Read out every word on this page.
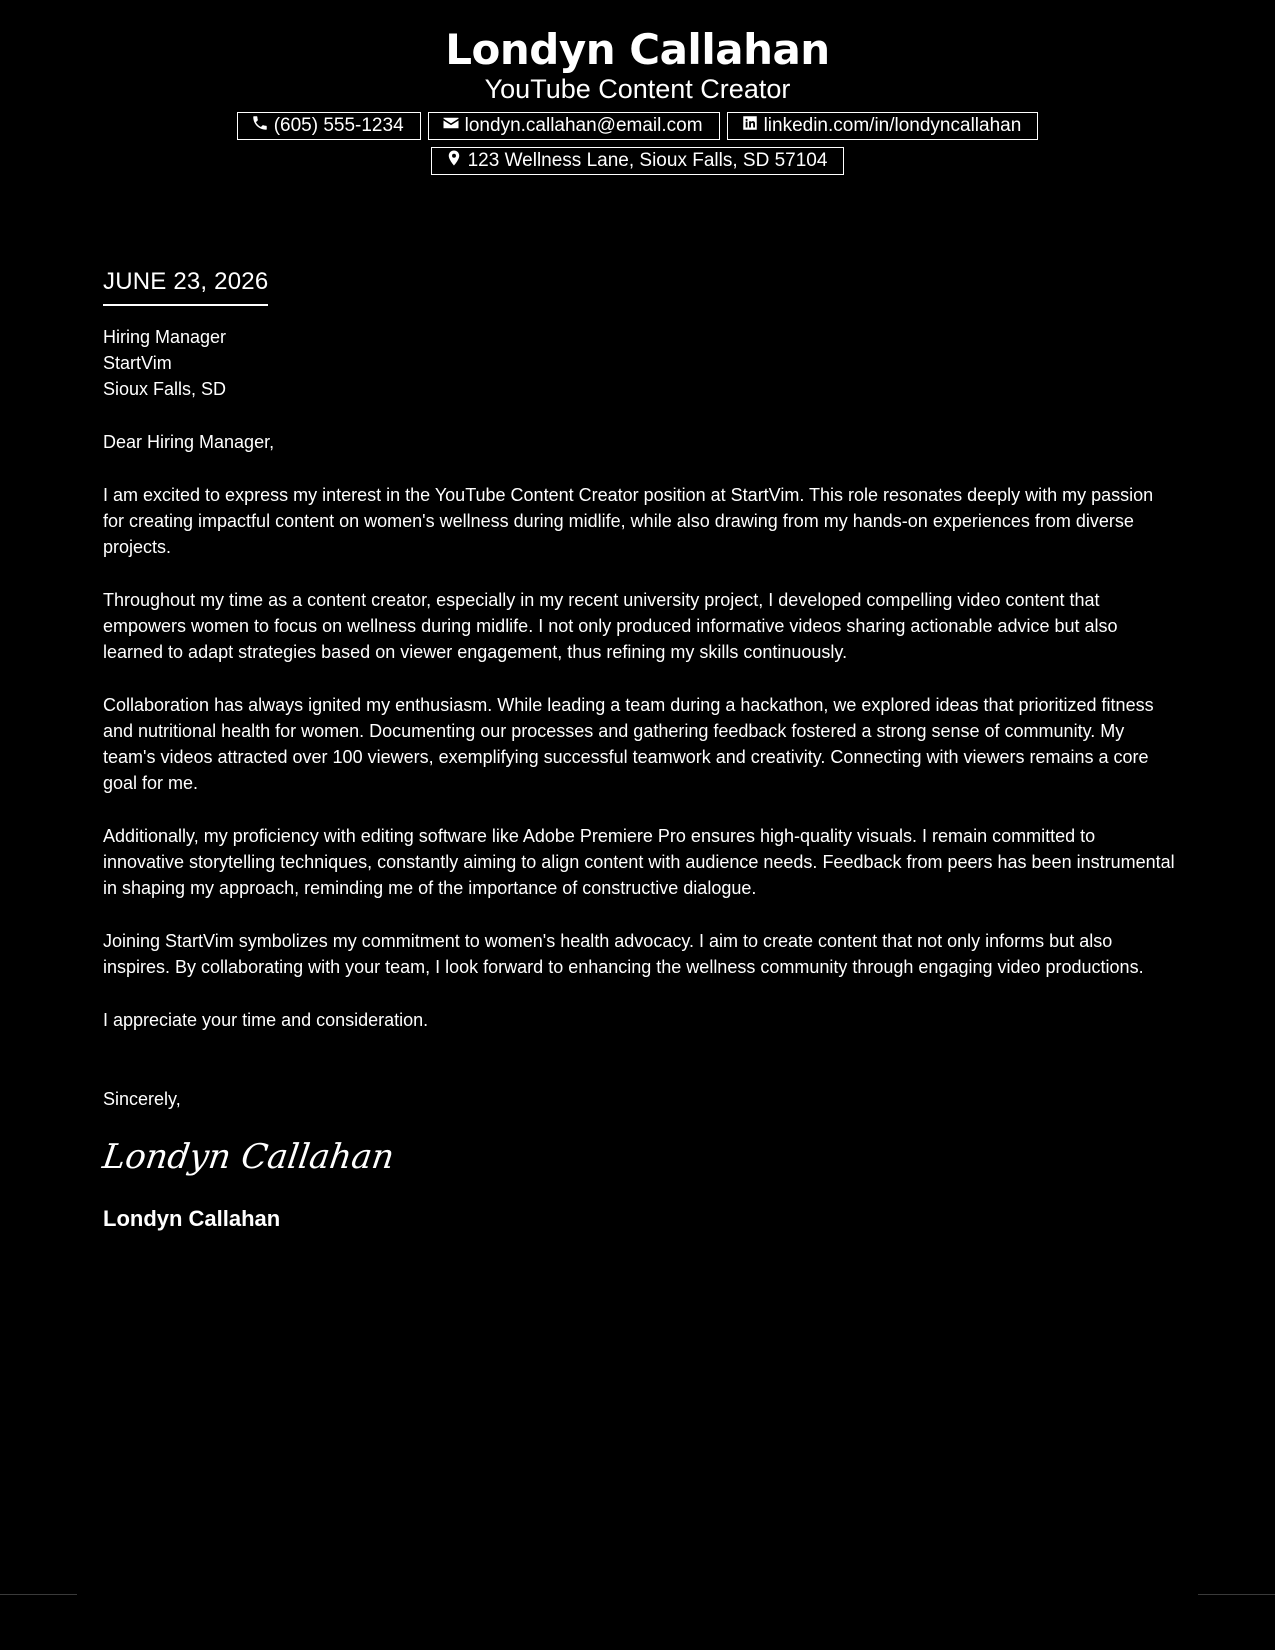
Londyn Callahan
YouTube Content Creator
(605) 555-1234	londyn.callahan@email.com	linkedin.com/in/londyncallahan
123 Wellness Lane, Sioux Falls, SD 57104
JUNE 23, 2026
Hiring Manager
StartVim
Sioux Falls, SD
Dear Hiring Manager,

I am excited to express my interest in the YouTube Content Creator position at StartVim. This role resonates deeply with my passion for creating impactful content on women's wellness during midlife, while also drawing from my hands-on experiences from diverse projects.

Throughout my time as a content creator, especially in my recent university project, I developed compelling video content that empowers women to focus on wellness during midlife. I not only produced informative videos sharing actionable advice but also learned to adapt strategies based on viewer engagement, thus refining my skills continuously.

Collaboration has always ignited my enthusiasm. While leading a team during a hackathon, we explored ideas that prioritized fitness and nutritional health for women. Documenting our processes and gathering feedback fostered a strong sense of community. My team's videos attracted over 100 viewers, exemplifying successful teamwork and creativity. Connecting with viewers remains a core goal for me.

Additionally, my proficiency with editing software like Adobe Premiere Pro ensures high-quality visuals. I remain committed to innovative storytelling techniques, constantly aiming to align content with audience needs. Feedback from peers has been instrumental in shaping my approach, reminding me of the importance of constructive dialogue.

Joining StartVim symbolizes my commitment to women's health advocacy. I aim to create content that not only informs but also inspires. By collaborating with your team, I look forward to enhancing the wellness community through engaging video productions.

I appreciate your time and consideration.

Sincerely,
Londyn Callahan
Londyn Callahan
